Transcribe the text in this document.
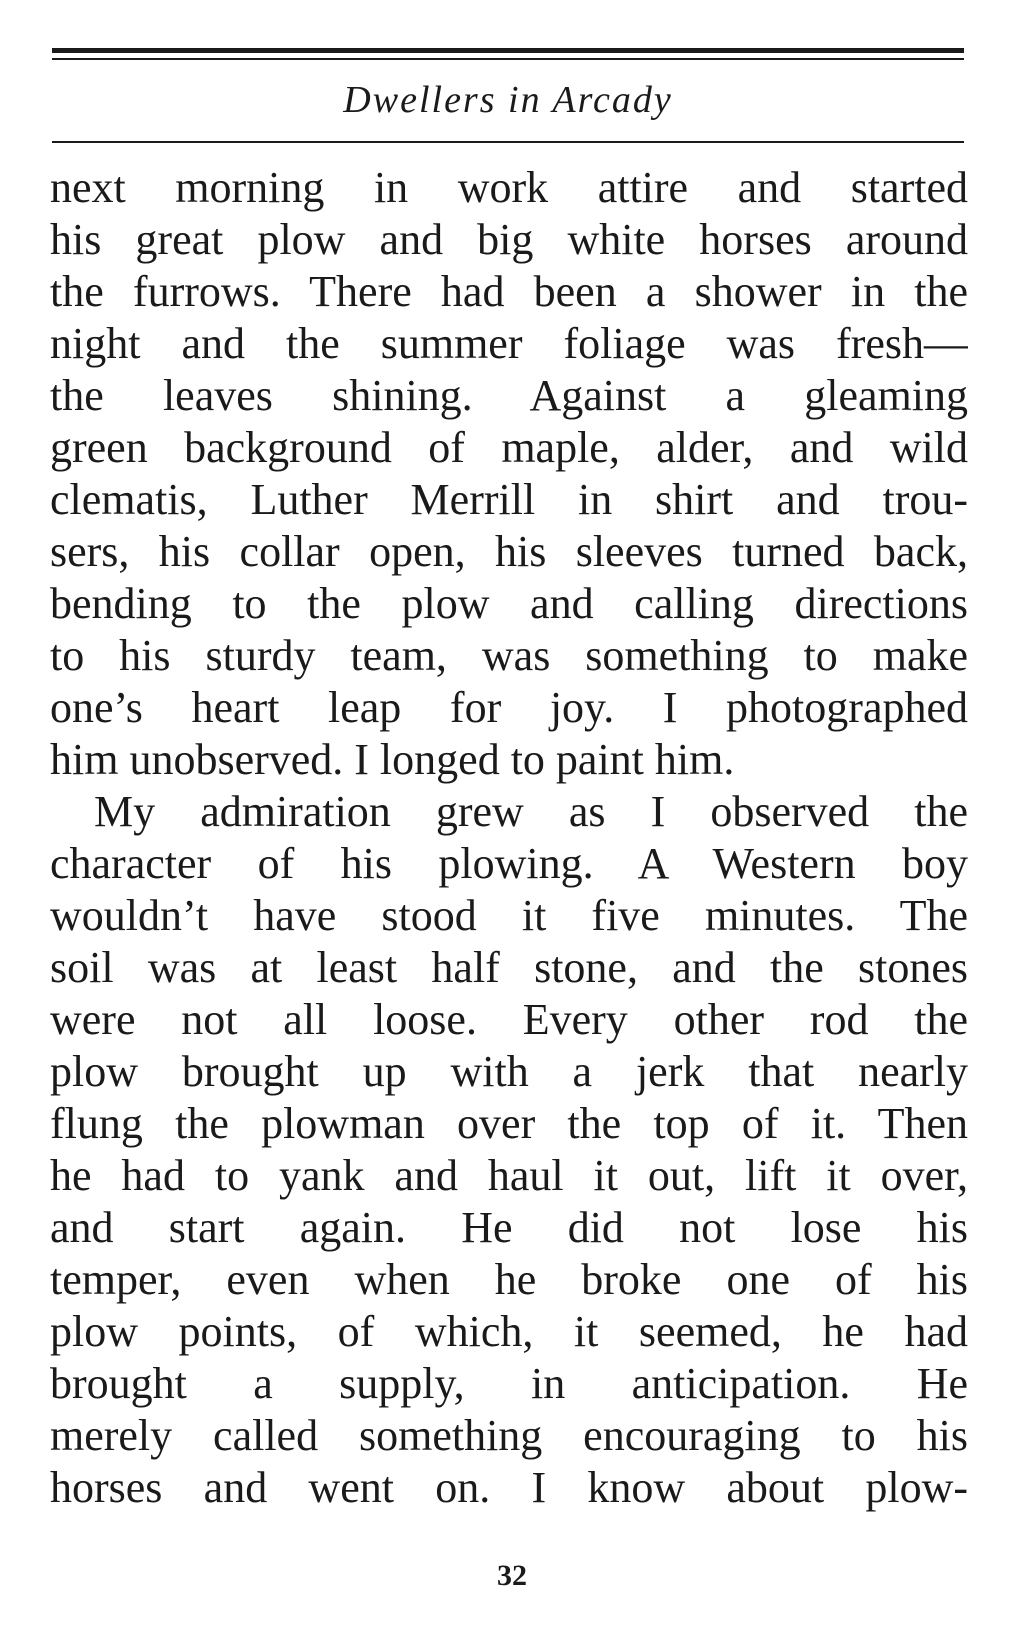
Dwellers in Arcady

next morning in work attire and started
his great plow and big white horses around
the furrows. There had been a shower in the
night and the summer foliage was fresh—
the leaves shining. Against a gleaming
green background of maple, alder, and wild
clematis, Luther Merrill in shirt and trou-
sers, his collar open, his sleeves turned back,
bending to the plow and calling directions
to his sturdy team, was something to make
one’s heart leap for joy. I photographed
him unobserved. I longed to paint him.

My admiration grew as I observed the
character of his plowing. A Western boy
wouldn’t have stood it five minutes. The
soil was at least half stone, and the stones
were not all loose. Every other rod the
plow brought up with a jerk that nearly
flung the plowman over the top of it. Then
he had to yank and haul it out, lift it over,
and start again. He did not lose his
temper, even when he broke one of his
plow points, of which, it seemed, he had
brought a supply, in anticipation. He
merely called something encouraging to his
horses and went on. I know about plow-

32
